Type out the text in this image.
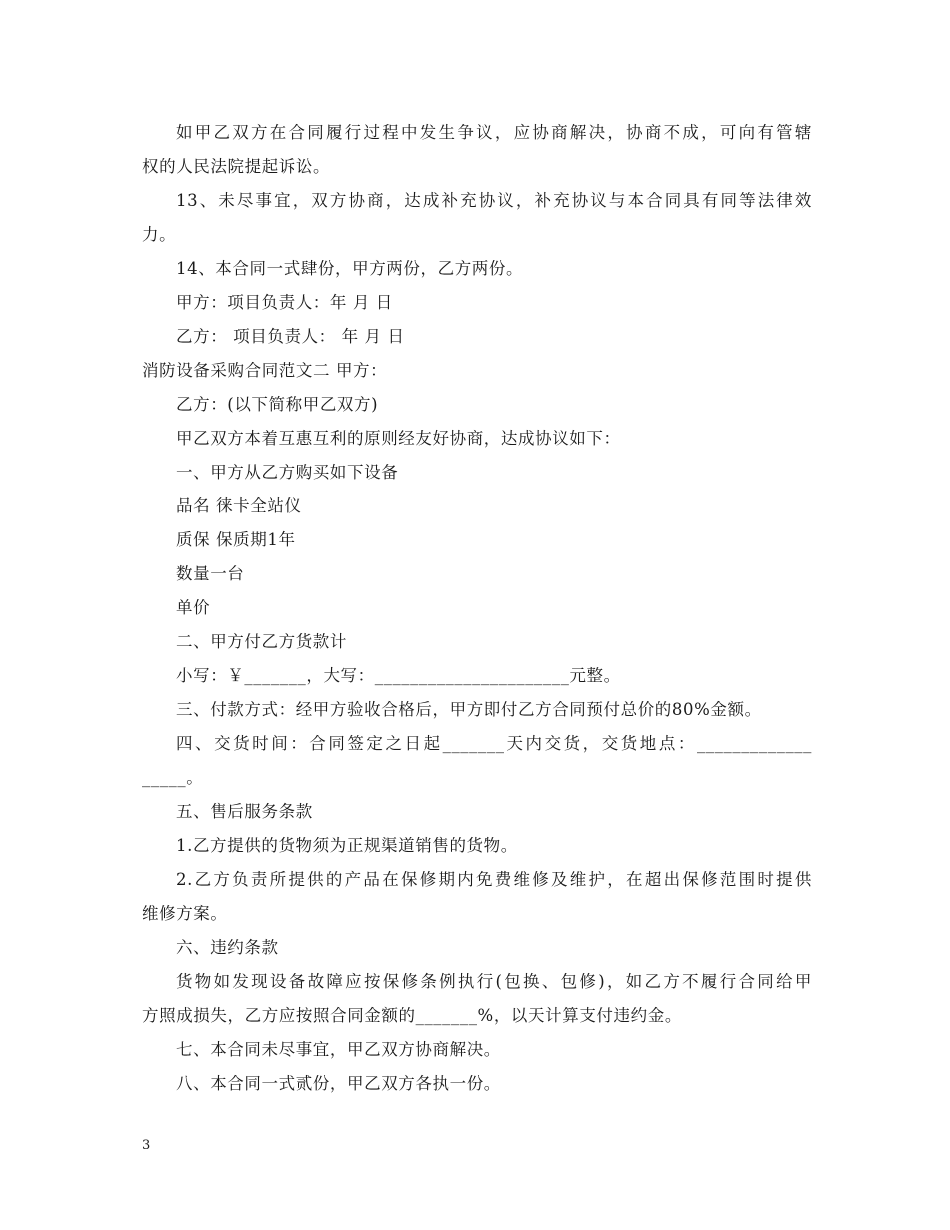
如甲乙双方在合同履行过程中发生争议，应协商解决，协商不成，可向有管辖
权的人民法院提起诉讼。
13、未尽事宜，双方协商，达成补充协议，补充协议与本合同具有同等法律效
力。
14、本合同一式肆份，甲方两份，乙方两份。
甲方：项目负责人：年 月 日
乙方： 项目负责人： 年 月 日
消防设备采购合同范文二 甲方：
乙方：(以下简称甲乙双方)
甲乙双方本着互惠互利的原则经友好协商，达成协议如下：
一、甲方从乙方购买如下设备
品名 徕卡全站仪
质保 保质期1年
数量一台
单价
二、甲方付乙方货款计
小写：￥_______，大写：______________________元整。
三、付款方式：经甲方验收合格后，甲方即付乙方合同预付总价的80%金额。
四、交货时间：合同签定之日起_______天内交货，交货地点：_____________
_____。
五、售后服务条款
1.乙方提供的货物须为正规渠道销售的货物。
2.乙方负责所提供的产品在保修期内免费维修及维护，在超出保修范围时提供
维修方案。
六、违约条款
货物如发现设备故障应按保修条例执行(包换、包修)，如乙方不履行合同给甲
方照成损失，乙方应按照合同金额的_______%，以天计算支付违约金。
七、本合同未尽事宜，甲乙双方协商解决。
八、本合同一式贰份，甲乙双方各执一份。
3
